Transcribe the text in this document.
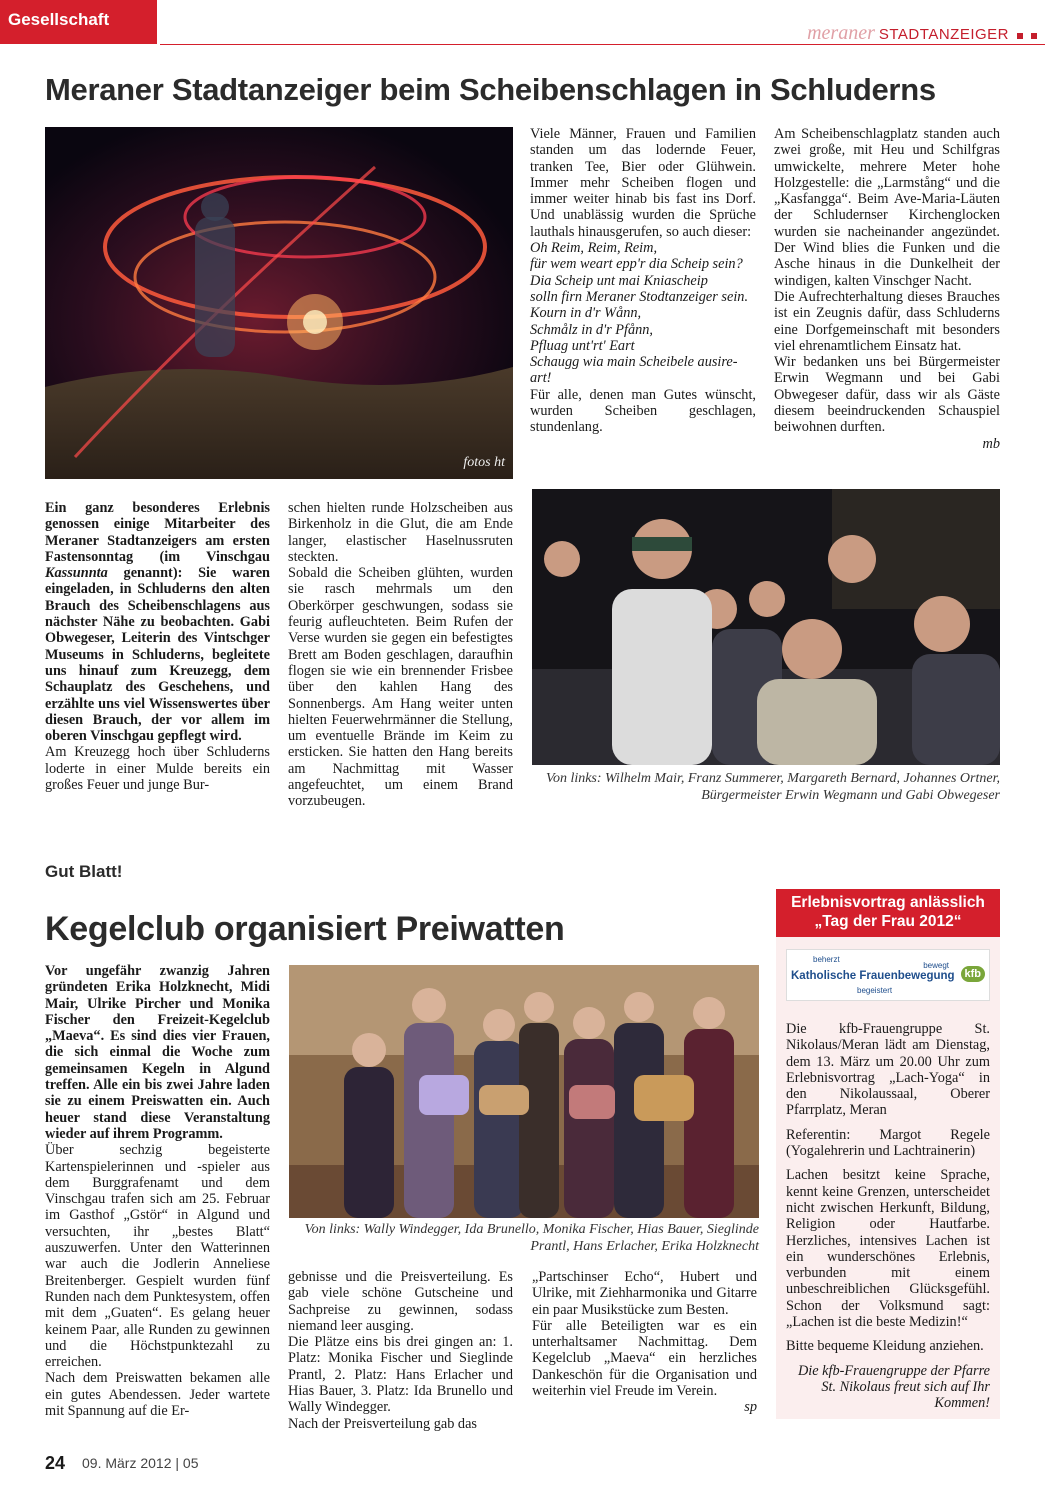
Gesellschaft
meraner STADTANZEIGER
Meraner Stadtanzeiger beim Scheibenschlagen in Schluderns
fotos ht

Viele Männer, Frauen und Familien standen um das lodernde Feuer, tranken Tee, Bier oder Glühwein. Immer mehr Scheiben flogen und immer weiter hinab bis fast ins Dorf. Und unablässig wurden die Sprüche lauthals hinausgerufen, so auch dieser:

Oh Reim, Reim, Reim,

für wem weart epp'r dia Scheip sein?

Dia Scheip unt mai Kniascheip

solln firn Meraner Stodtanzeiger sein.

Kourn in d'r Wånn,

Schmålz in d'r Pfånn,

Pfluag unt'rt' Eart

Schaugg wia main Scheibele ausire-art!

Für alle, denen man Gutes wünscht, wurden Scheiben geschlagen, stundenlang.

Am Scheibenschlagplatz standen auch zwei große, mit Heu und Schilfgras umwickelte, mehrere Meter hohe Holzgestelle: die „Larmstång“ und die „Kasfangga“. Beim Ave-Maria-Läuten der Schludernser Kirchenglocken wurden sie nacheinander angezündet. Der Wind blies die Funken und die Asche hinaus in die Dunkelheit der windigen, kalten Vinschger Nacht.

Die Aufrechterhaltung dieses Brauches ist ein Zeugnis dafür, dass Schluderns eine Dorfgemeinschaft mit besonders viel ehrenamtlichem Einsatz hat.

Wir bedanken uns bei Bürgermeister Erwin Wegmann und bei Gabi Obwegeser dafür, dass wir als Gäste diesem beeindruckenden Schauspiel beiwohnen durften.

mb

Ein ganz besonderes Erlebnis genossen einige Mitarbeiter des Meraner Stadtanzeigers am ersten Fastensonntag (im Vinschgau Kassunnta genannt): Sie waren eingeladen, in Schluderns den alten Brauch des Scheibenschlagens aus nächster Nähe zu beobachten. Gabi Obwegeser, Leiterin des Vintschger Museums in Schluderns, begleitete uns hinauf zum Kreuzegg, dem Schauplatz des Geschehens, und erzählte uns viel Wissenswertes über diesen Brauch, der vor allem im oberen Vinschgau gepflegt wird.

Am Kreuzegg hoch über Schluderns loderte in einer Mulde bereits ein großes Feuer und junge Bur-

schen hielten runde Holzscheiben aus Birkenholz in die Glut, die am Ende langer, elastischer Haselnussruten steckten.

Sobald die Scheiben glühten, wurden sie rasch mehrmals um den Oberkörper geschwungen, sodass sie feurig aufleuchteten. Beim Rufen der Verse wurden sie gegen ein befestigtes Brett am Boden geschlagen, daraufhin flogen sie wie ein brennender Frisbee über den kahlen Hang des Sonnenbergs. Am Hang weiter unten hielten Feuerwehrmänner die Stellung, um eventuelle Brände im Keim zu ersticken. Sie hatten den Hang bereits am Nachmittag mit Wasser angefeuchtet, um einem Brand vorzubeugen.

Von links: Wilhelm Mair, Franz Summerer, Margareth Bernard, Johannes Ortner, Bürgermeister Erwin Wegmann und Gabi Obwegeser
Gut Blatt!
Kegelclub organisiert Preiwatten

Vor ungefähr zwanzig Jahren gründeten Erika Holzknecht, Midi Mair, Ulrike Pircher und Monika Fischer den Freizeit-Kegelclub „Maeva“. Es sind dies vier Frauen, die sich einmal die Woche zum gemeinsamen Kegeln in Algund treffen. Alle ein bis zwei Jahre laden sie zu einem Preiswatten ein. Auch heuer stand diese Veranstaltung wieder auf ihrem Programm.

Über sechzig begeisterte Kartenspielerinnen und -spieler aus dem Burggrafenamt und dem Vinschgau trafen sich am 25. Februar im Gasthof „Gstör“ in Algund und versuchten, ihr „bestes Blatt“ auszuwerfen. Unter den Watterinnen war auch die Jodlerin Anneliese Breitenberger. Gespielt wurden fünf Runden nach dem Punktesystem, offen mit dem „Guaten“. Es gelang heuer keinem Paar, alle Runden zu gewinnen und die Höchstpunktezahl zu erreichen.

Nach dem Preiswatten bekamen alle ein gutes Abendessen. Jeder wartete mit Spannung auf die Er-

Von links: Wally Windegger, Ida Brunello, Monika Fischer, Hias Bauer, Sieglinde Prantl, Hans Erlacher, Erika Holzknecht

gebnisse und die Preisverteilung. Es gab viele schöne Gutscheine und Sachpreise zu gewinnen, sodass niemand leer ausging.

Die Plätze eins bis drei gingen an: 1. Platz: Monika Fischer und Sieglinde Prantl, 2. Platz: Hans Erlacher und Hias Bauer, 3. Platz: Ida Brunello und Wally Windegger.

Nach der Preisverteilung gab das

„Partschinser Echo“, Hubert und Ulrike, mit Ziehharmonika und Gitarre ein paar Musikstücke zum Besten.

Für alle Beteiligten war es ein unterhaltsamer Nachmittag. Dem Kegelclub „Maeva“ ein herzliches Dankeschön für die Organisation und weiterhin viel Freude im Verein.

sp

Erlebnisvortrag anlässlich „Tag der Frau 2012“
beherzt
bewegt
Katholische Frauenbewegung
begeistert
kfb

Die kfb-Frauengruppe St. Nikolaus/Meran lädt am Dienstag, dem 13. März um 20.00 Uhr zum Erlebnisvortrag „Lach-Yoga“ in den Nikolaussaal, Oberer Pfarrplatz, Meran

Referentin: Margot Regele (Yogalehrerin und Lachtrainerin)

Lachen besitzt keine Sprache, kennt keine Grenzen, unterscheidet nicht zwischen Herkunft, Bildung, Religion oder Hautfarbe. Herzliches, intensives Lachen ist ein wunderschönes Erlebnis, verbunden mit einem unbeschreiblichen Glücksgefühl. Schon der Volksmund sagt: „Lachen ist die beste Medizin!“

Bitte bequeme Kleidung anziehen.

Die kfb-Frauengruppe der Pfarre St. Nikolaus freut sich auf Ihr Kommen!

24 09. März 2012 | 05
